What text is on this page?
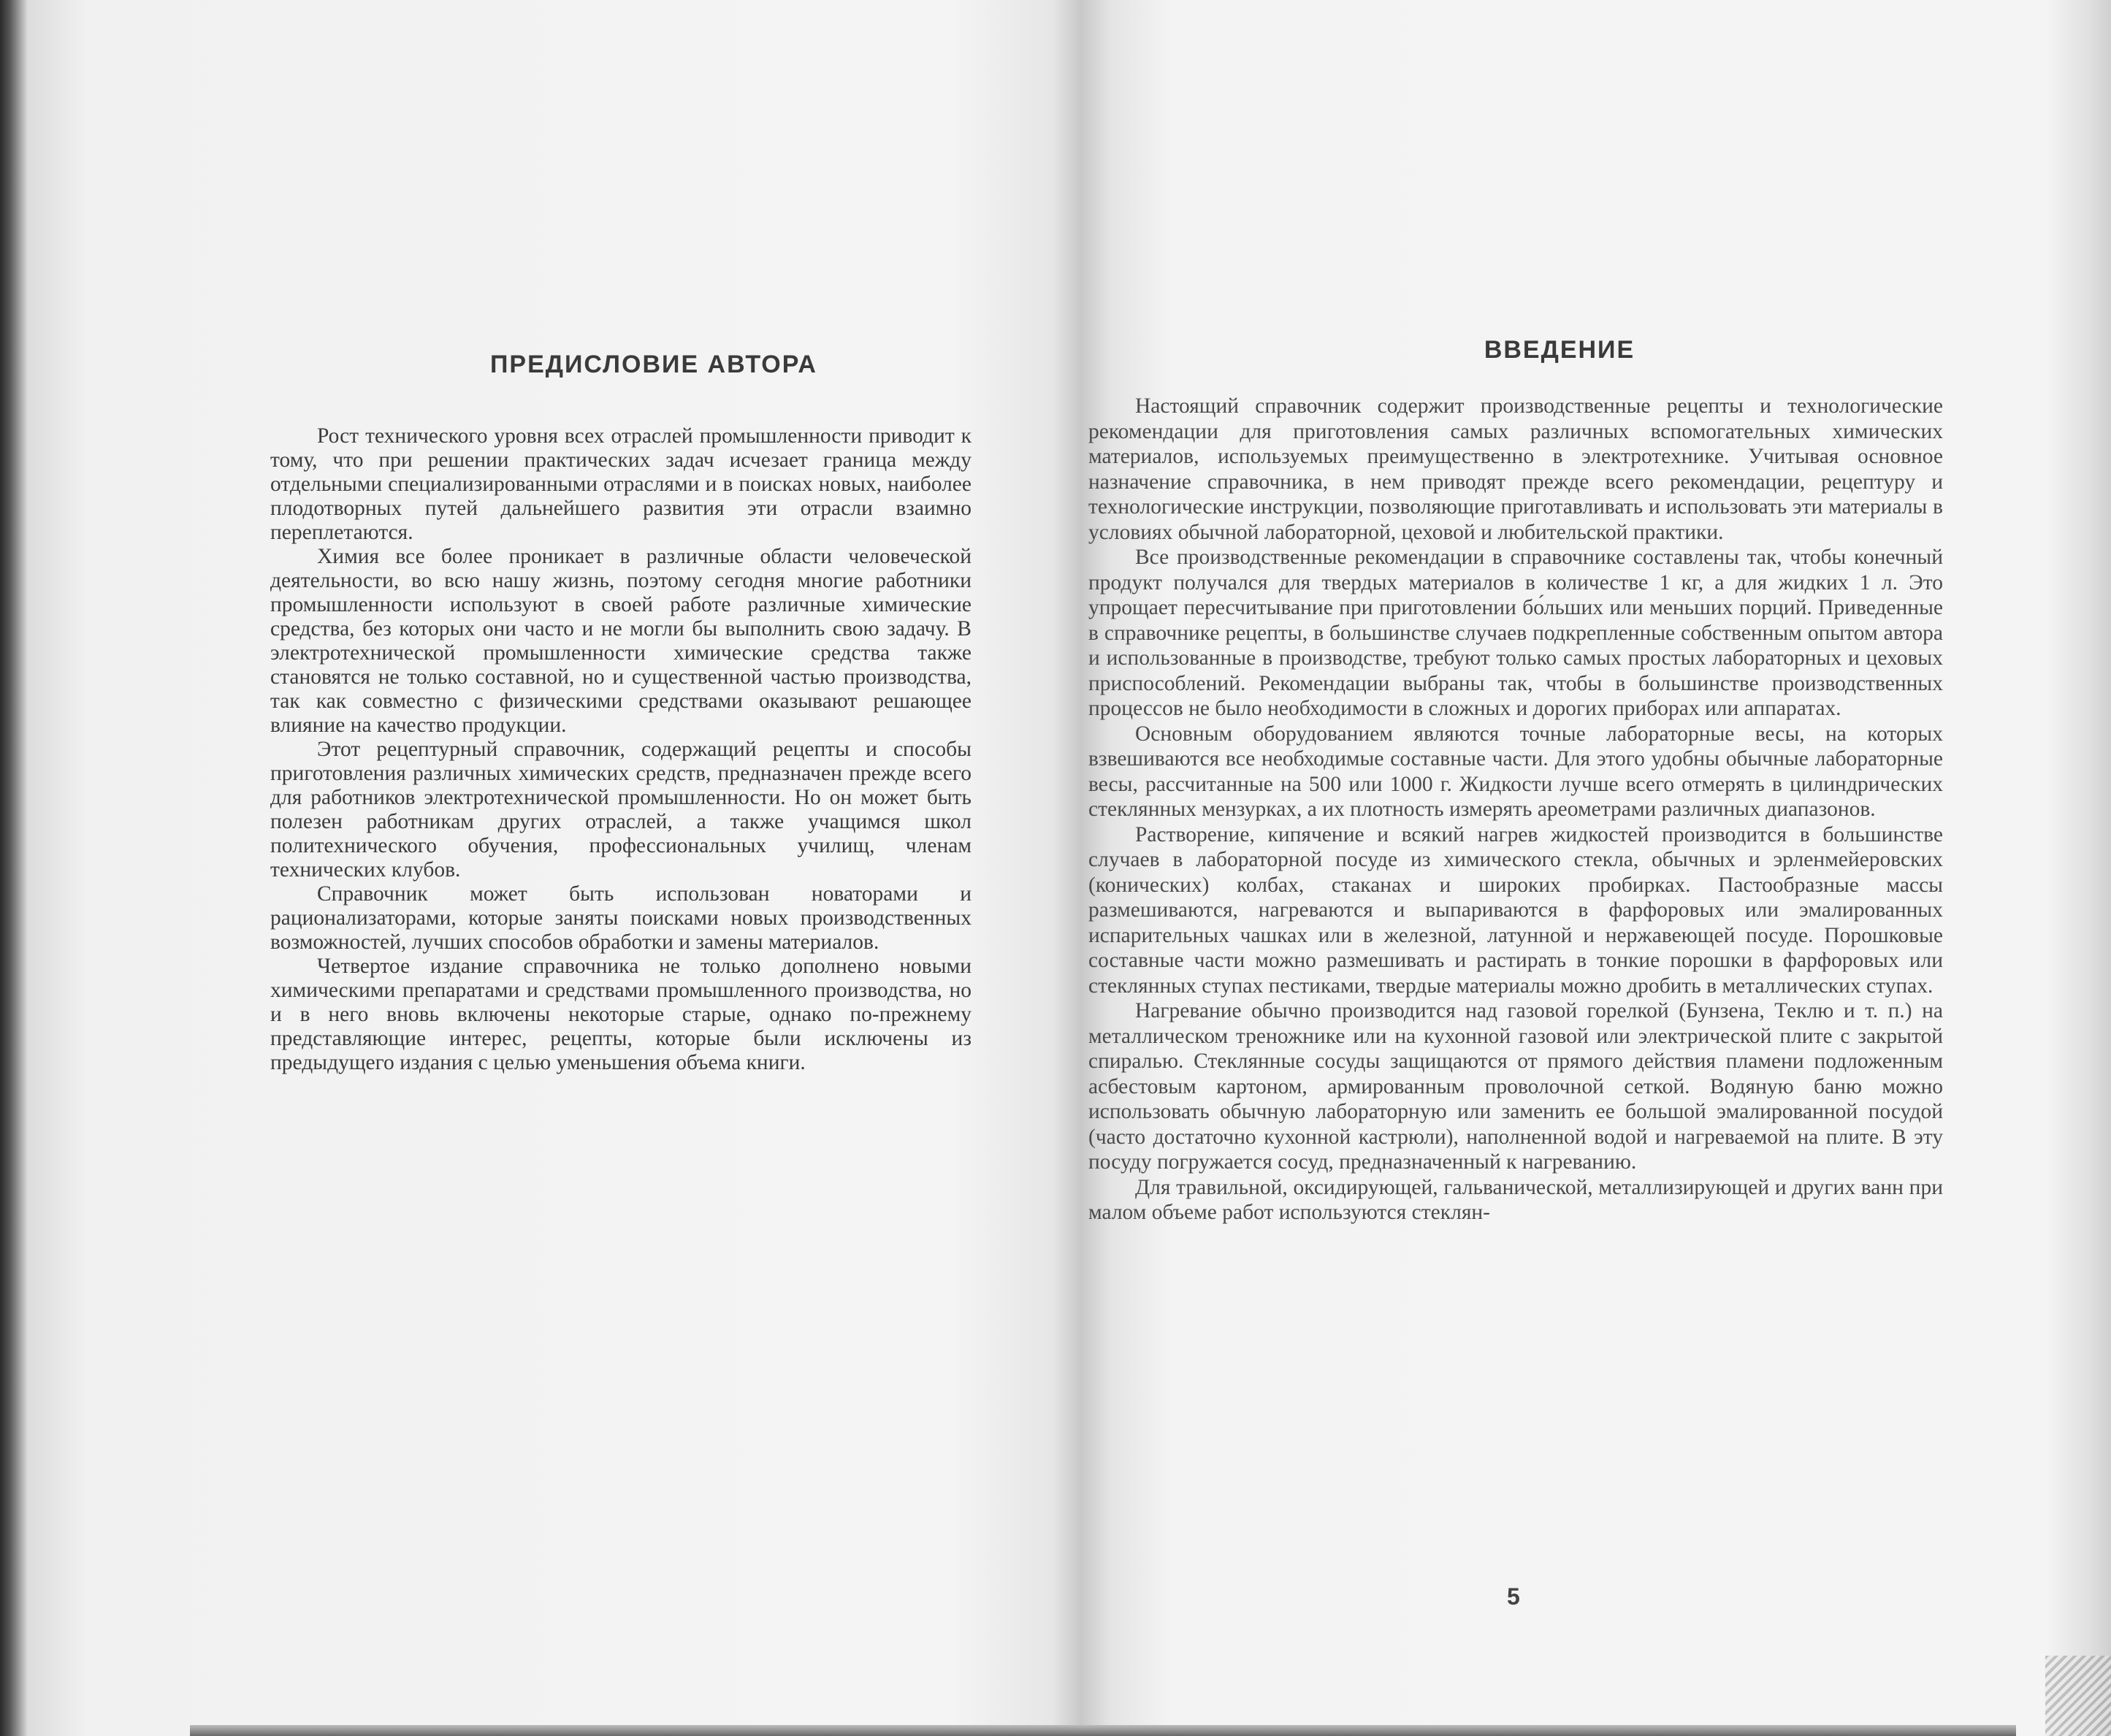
ПРЕДИСЛОВИЕ АВТОРА

Рост технического уровня всех отраслей промышленности приводит к тому, что при решении практических задач исчезает граница между отдельными специализированными отраслями и в поисках новых, наиболее плодотворных путей дальнейшего развития эти отрасли взаимно переплетаются.

Химия все более проникает в различные области человеческой деятельности, во всю нашу жизнь, поэтому сегодня многие работники промышленности используют в своей работе различные химические средства, без которых они часто и не могли бы выполнить свою задачу. В электротехнической промышленности химические средства также становятся не только составной, но и существенной частью производства, так как совместно с физическими средствами оказывают решающее влияние на качество продукции.

Этот рецептурный справочник, содержащий рецепты и способы приготовления различных химических средств, предназначен прежде всего для работников электротехнической промышленности. Но он может быть полезен работникам других отраслей, а также учащимся школ политехнического обучения, профессиональных училищ, членам технических клубов.

Справочник может быть использован новаторами и рационализаторами, которые заняты поисками новых производственных возможностей, лучших способов обработки и замены материалов.

Четвертое издание справочника не только дополнено новыми химическими препаратами и средствами промышленного производства, но и в него вновь включены некоторые старые, однако по-прежнему представляющие интерес, рецепты, которые были исключены из предыдущего издания с целью уменьшения объема книги.

ВВЕДЕНИЕ

Настоящий справочник содержит производственные рецепты и технологические рекомендации для приготовления самых различных вспомогательных химических материалов, используемых преимущественно в электротехнике. Учитывая основное назначение справочника, в нем приводят прежде всего рекомендации, рецептуру и технологические инструкции, позволяющие приготавливать и использовать эти материалы в условиях обычной лабораторной, цеховой и любительской практики.

Все производственные рекомендации в справочнике составлены так, чтобы конечный продукт получался для твердых материалов в количестве 1 кг, а для жидких 1 л. Это упрощает пересчитывание при приготовлении бо́льших или меньших порций. Приведенные в справочнике рецепты, в большинстве случаев подкрепленные собственным опытом автора и использованные в производстве, требуют только самых простых лабораторных и цеховых приспособлений. Рекомендации выбраны так, чтобы в большинстве производственных процессов не было необходимости в сложных и дорогих приборах или аппаратах.

Основным оборудованием являются точные лабораторные весы, на которых взвешиваются все необходимые составные части. Для этого удобны обычные лабораторные весы, рассчитанные на 500 или 1000 г. Жидкости лучше всего отмерять в цилиндрических стеклянных мензурках, а их плотность измерять ареометрами различных диапазонов.

Растворение, кипячение и всякий нагрев жидкостей производится в большинстве случаев в лабораторной посуде из химического стекла, обычных и эрленмейеровских (конических) колбах, стаканах и широких пробирках. Пастообразные массы размешиваются, нагреваются и выпариваются в фарфоровых или эмалированных испарительных чашках или в железной, латунной и нержавеющей посуде. Порошковые составные части можно размешивать и растирать в тонкие порошки в фарфоровых или стеклянных ступах пестиками, твердые материалы можно дробить в металлических ступах.

Нагревание обычно производится над газовой горелкой (Бунзена, Теклю и т. п.) на металлическом треножнике или на кухонной газовой или электрической плите с закрытой спиралью. Стеклянные сосуды защищаются от прямого действия пламени подложенным асбестовым картоном, армированным проволочной сеткой. Водяную баню можно использовать обычную лабораторную или заменить ее большой эмалированной посудой (часто достаточно кухонной кастрюли), наполненной водой и нагреваемой на плите. В эту посуду погружается сосуд, предназначенный к нагреванию.

Для травильной, оксидирующей, гальванической, металлизирующей и других ванн при малом объеме работ используются стеклян-

5
